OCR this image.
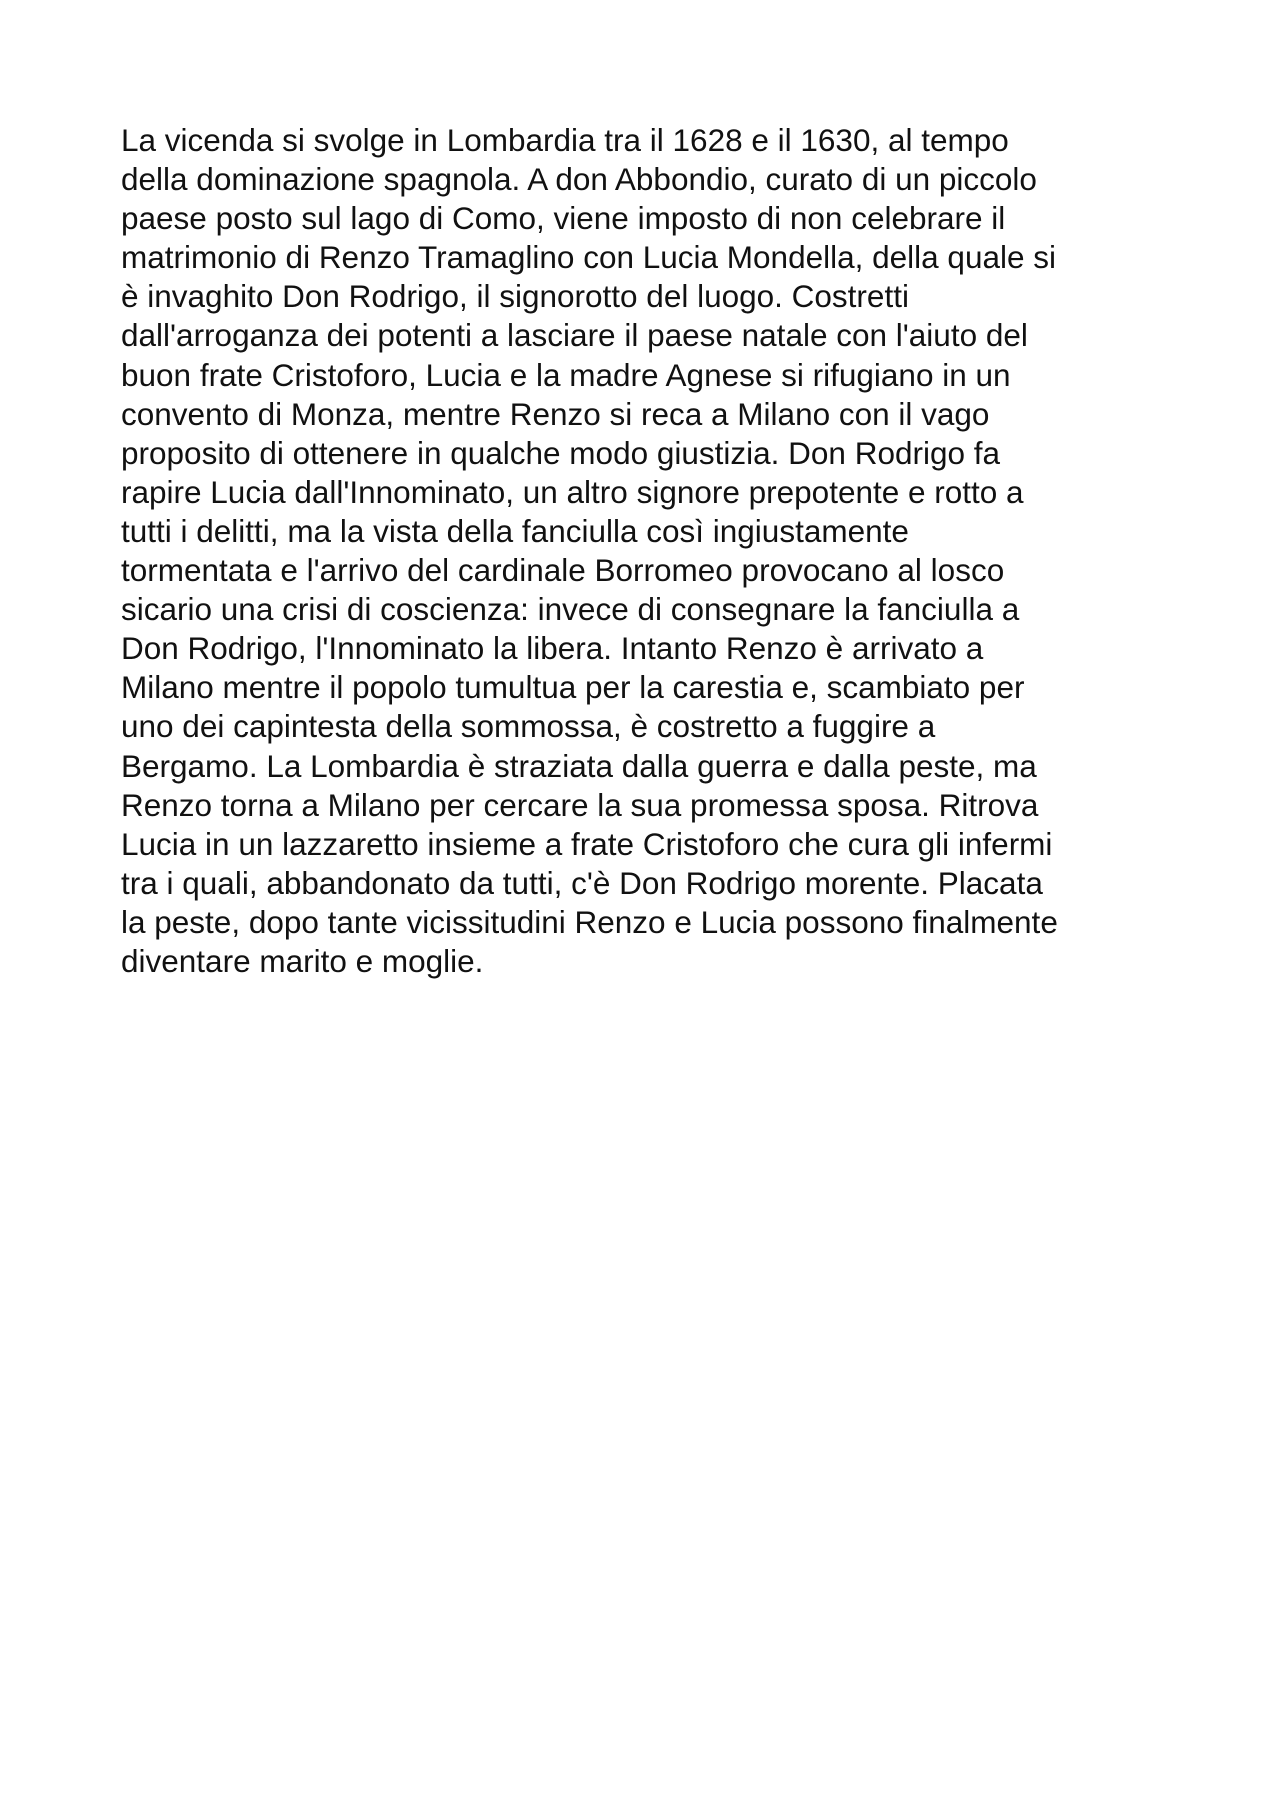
La vicenda si svolge in Lombardia tra il 1628 e il 1630, al tempo
della dominazione spagnola. A don Abbondio, curato di un piccolo
paese posto sul lago di Como, viene imposto di non celebrare il
matrimonio di Renzo Tramaglino con Lucia Mondella, della quale si
è invaghito Don Rodrigo, il signorotto del luogo. Costretti
dall'arroganza dei potenti a lasciare il paese natale con l'aiuto del
buon frate Cristoforo, Lucia e la madre Agnese si rifugiano in un
convento di Monza, mentre Renzo si reca a Milano con il vago
proposito di ottenere in qualche modo giustizia. Don Rodrigo fa
rapire Lucia dall'Innominato, un altro signore prepotente e rotto a
tutti i delitti, ma la vista della fanciulla così ingiustamente
tormentata e l'arrivo del cardinale Borromeo provocano al losco
sicario una crisi di coscienza: invece di consegnare la fanciulla a
Don Rodrigo, l'Innominato la libera. Intanto Renzo è arrivato a
Milano mentre il popolo tumultua per la carestia e, scambiato per
uno dei capintesta della sommossa, è costretto a fuggire a
Bergamo. La Lombardia è straziata dalla guerra e dalla peste, ma
Renzo torna a Milano per cercare la sua promessa sposa. Ritrova
Lucia in un lazzaretto insieme a frate Cristoforo che cura gli infermi
tra i quali, abbandonato da tutti, c'è Don Rodrigo morente. Placata
la peste, dopo tante vicissitudini Renzo e Lucia possono finalmente
diventare marito e moglie.
